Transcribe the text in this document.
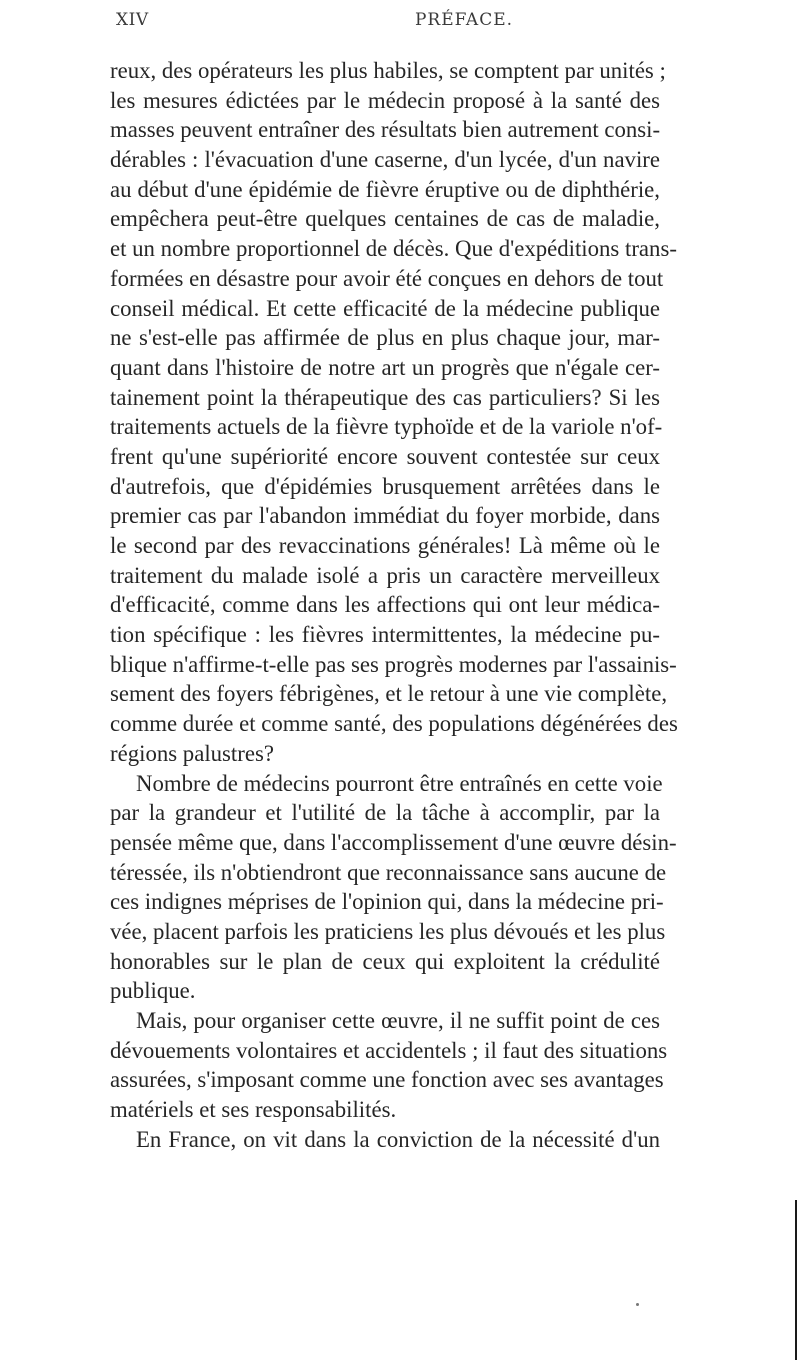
XIV	PRÉFACE.
reux, des opérateurs les plus habiles, se comptent par unités ;
les mesures édictées par le médecin proposé à la santé des
masses peuvent entraîner des résultats bien autrement consi-
dérables : l'évacuation d'une caserne, d'un lycée, d'un navire
au début d'une épidémie de fièvre éruptive ou de diphthérie,
empêchera peut-être quelques centaines de cas de maladie,
et un nombre proportionnel de décès. Que d'expéditions trans-
formées en désastre pour avoir été conçues en dehors de tout
conseil médical. Et cette efficacité de la médecine publique
ne s'est-elle pas affirmée de plus en plus chaque jour, mar-
quant dans l'histoire de notre art un progrès que n'égale cer-
tainement point la thérapeutique des cas particuliers? Si les
traitements actuels de la fièvre typhoïde et de la variole n'of-
frent qu'une supériorité encore souvent contestée sur ceux
d'autrefois, que d'épidémies brusquement arrêtées dans le
premier cas par l'abandon immédiat du foyer morbide, dans
le second par des revaccinations générales! Là même où le
traitement du malade isolé a pris un caractère merveilleux
d'efficacité, comme dans les affections qui ont leur médica-
tion spécifique : les fièvres intermittentes, la médecine pu-
blique n'affirme-t-elle pas ses progrès modernes par l'assainis-
sement des foyers fébrigènes, et le retour à une vie complète,
comme durée et comme santé, des populations dégénérées des
régions palustres?
Nombre de médecins pourront être entraînés en cette voie
par la grandeur et l'utilité de la tâche à accomplir, par la
pensée même que, dans l'accomplissement d'une œuvre désin-
téressée, ils n'obtiendront que reconnaissance sans aucune de
ces indignes méprises de l'opinion qui, dans la médecine pri-
vée, placent parfois les praticiens les plus dévoués et les plus
honorables sur le plan de ceux qui exploitent la crédulité
publique.
Mais, pour organiser cette œuvre, il ne suffit point de ces
dévouements volontaires et accidentels ; il faut des situations
assurées, s'imposant comme une fonction avec ses avantages
matériels et ses responsabilités.
En France, on vit dans la conviction de la nécessité d'un
